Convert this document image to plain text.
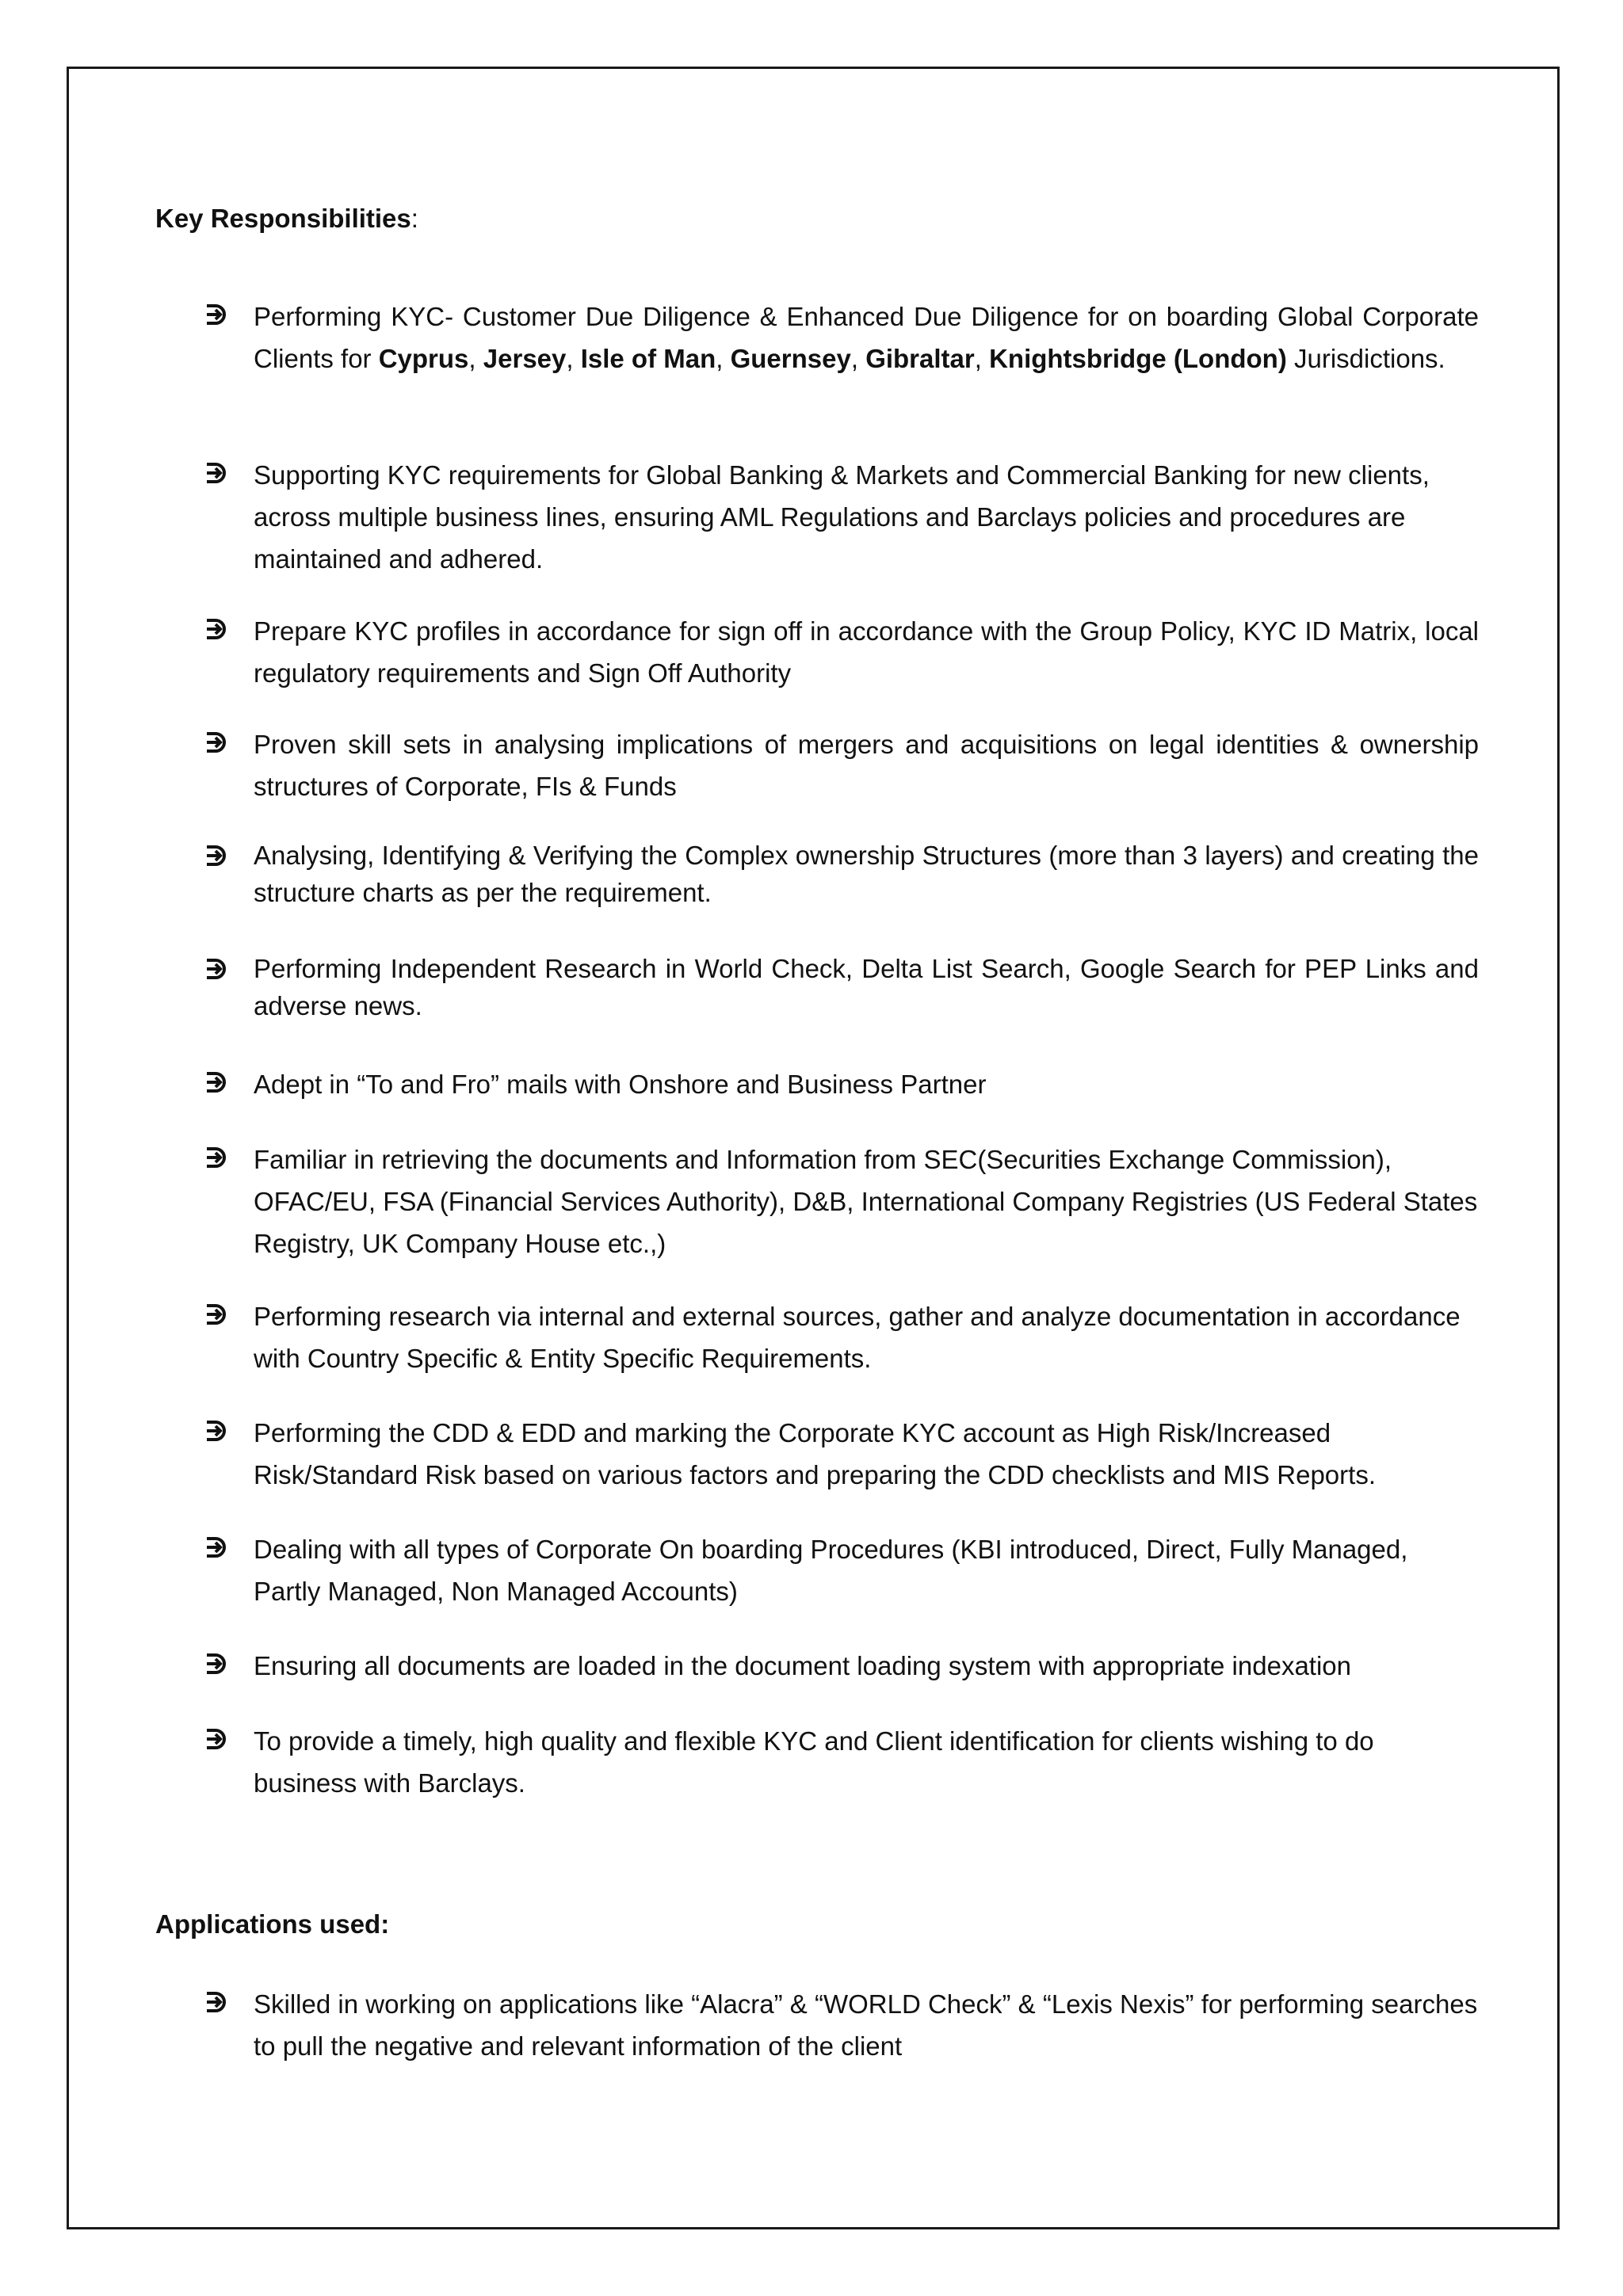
Key Responsibilities:

Performing KYC- Customer Due Diligence & Enhanced Due Diligence for on boarding Global Corporate Clients for Cyprus, Jersey, Isle of Man, Guernsey, Gibraltar, Knightsbridge (London) Jurisdictions.
Supporting KYC requirements for Global Banking & Markets and Commercial Banking for new clients, across multiple business lines, ensuring AML Regulations and Barclays policies and procedures are maintained and adhered.
Prepare KYC profiles in accordance for sign off in accordance with the Group Policy, KYC ID Matrix, local regulatory requirements and Sign Off Authority
Proven skill sets in analysing implications of mergers and acquisitions on legal identities & ownership structures of Corporate, FIs & Funds
Analysing, Identifying & Verifying the Complex ownership Structures (more than 3 layers) and creating the structure charts as per the requirement.
Performing Independent Research in World Check, Delta List Search, Google Search for PEP Links and adverse news.
Adept in “To and Fro” mails with Onshore and Business Partner
Familiar in retrieving the documents and Information from SEC(Securities Exchange Commission), OFAC/EU, FSA (Financial Services Authority), D&B, International Company Registries (US Federal States Registry, UK Company House etc.,)
Performing research via internal and external sources, gather and analyze documentation in accordance with Country Specific & Entity Specific Requirements.
Performing the CDD & EDD and marking the Corporate KYC account as High Risk/Increased Risk/Standard Risk based on various factors and preparing the CDD checklists and MIS Reports.
Dealing with all types of Corporate On boarding Procedures (KBI introduced, Direct, Fully Managed, Partly Managed, Non Managed Accounts)
Ensuring all documents are loaded in the document loading system with appropriate indexation
To provide a timely, high quality and flexible KYC and Client identification for clients wishing to do business with Barclays.

Applications used:

Skilled in working on applications like “Alacra” & “WORLD Check” & “Lexis Nexis” for performing searches to pull the negative and relevant information of the client
